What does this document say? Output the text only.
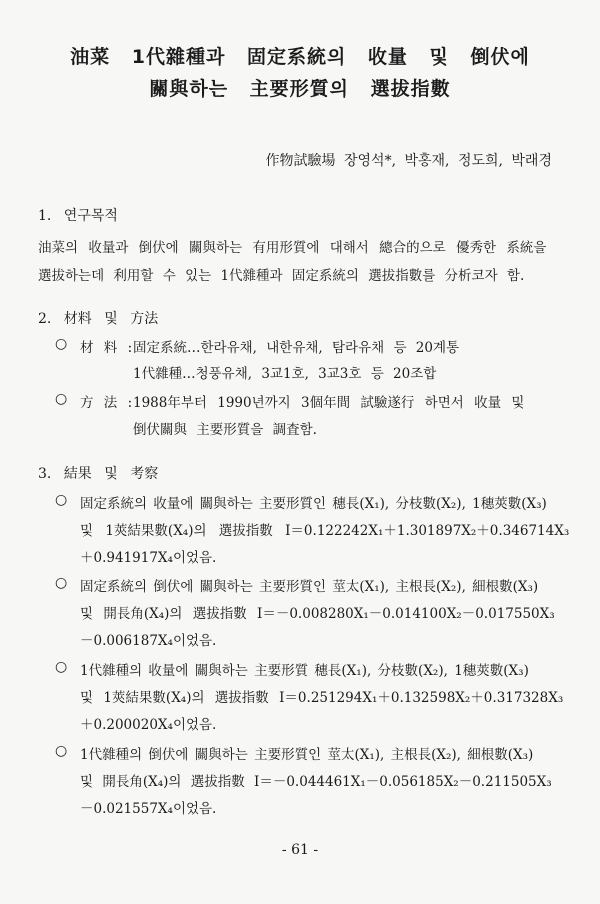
油菜 1代雜種과 固定系統의 收量 및 倒伏에
關與하는 主要形質의 選拔指數
作物試驗場 장영석*, 박홍재, 정도희, 박래경
1. 연구목적
油菜의 收量과 倒伏에 關與하는 有用形質에 대해서 總合的으로 優秀한 系統을
選拔하는데 利用할 수 있는 1代雜種과 固定系統의 選拔指數를 分析코자 함.
2. 材料 및 方法
○ 材 料 : 固定系統…한라유채, 내한유채, 탐라유채 등 20계통
1代雜種…청풍유채, 3교1호, 3교3호 등 20조합
○ 方 法 : 1988年부터 1990년까지 3個年間 試驗遂行 하면서 收量 및
倒伏關與 主要形質을 調査함.
3. 結果 및 考察
○ 固定系統의 收量에 關與하는 主要形質인 穗長(X₁), 分枝數(X₂), 1穗莢數(X₃)
및 1莢結果數(X₄)의 選拔指數 I＝0.122242X₁＋1.301897X₂＋0.346714X₃
＋0.941917X₄이었음.
○ 固定系統의 倒伏에 關與하는 主要形質인 莖太(X₁), 主根長(X₂), 細根數(X₃)
및 開長角(X₄)의 選拔指數 I＝－0.008280X₁－0.014100X₂－0.017550X₃
－0.006187X₄이었음.
○ 1代雜種의 收量에 關與하는 主要形質 穗長(X₁), 分枝數(X₂), 1穗莢數(X₃)
및 1莢結果數(X₄)의 選拔指數 I＝0.251294X₁＋0.132598X₂＋0.317328X₃
＋0.200020X₄이었음.
○ 1代雜種의 倒伏에 關與하는 主要形質인 莖太(X₁), 主根長(X₂), 細根數(X₃)
및 開長角(X₄)의 選拔指數 I＝－0.044461X₁－0.056185X₂－0.211505X₃
－0.021557X₄이었음.
- 61 -
